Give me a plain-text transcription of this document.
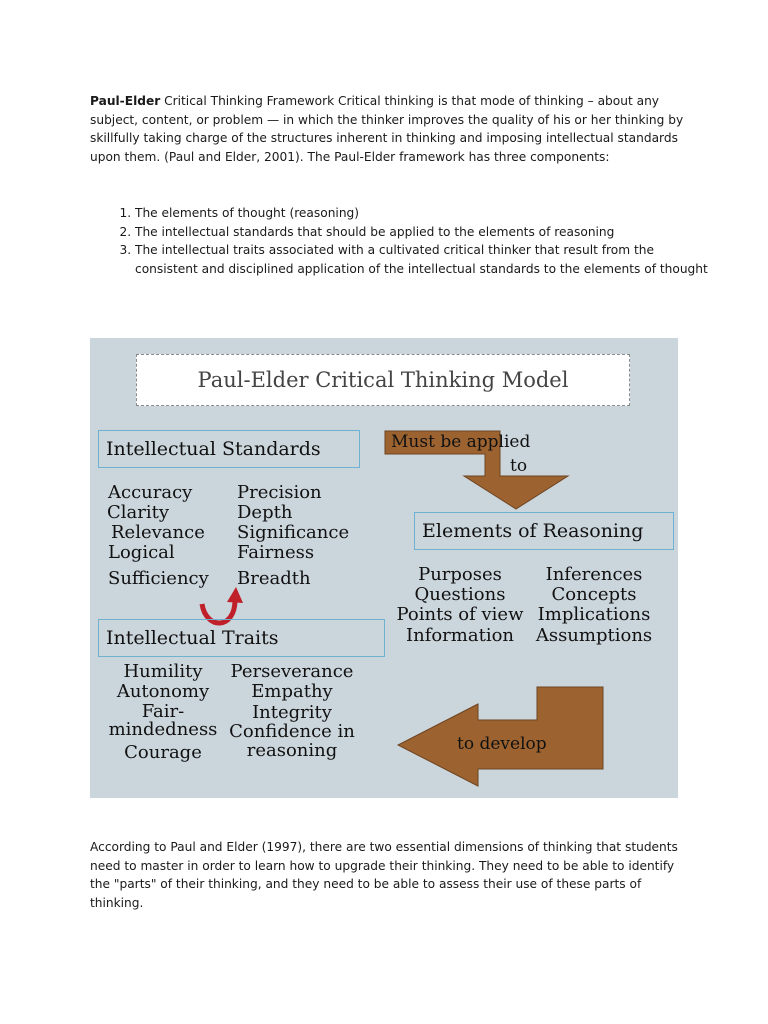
Paul-Elder Critical Thinking Framework Critical thinking is that mode of thinking – about any subject, content, or problem — in which the thinker improves the quality of his or her thinking by skillfully taking charge of the structures inherent in thinking and imposing intellectual standards upon them. (Paul and Elder, 2001). The Paul-Elder framework has three components:

1. The elements of thought (reasoning)
2. The intellectual standards that should be applied to the elements of reasoning
3. The intellectual traits associated with a cultivated critical thinker that result from the consistent and disciplined application of the intellectual standards to the elements of thought
Paul-Elder Critical Thinking Model
Intellectual Standards
Accuracy
Clarity
Relevance
Logical
Sufficiency
Precision
Depth
Significance
Fairness
Breadth
Must be applied
to
Elements of Reasoning
Purposes
Questions
Points of view
Information
Inferences
Concepts
Implications
Assumptions
Intellectual Traits
Humility
Autonomy
Fair-
mindedness
Courage
Perseverance
Empathy
Integrity
Confidence in
reasoning	to develop

According to Paul and Elder (1997), there are two essential dimensions of thinking that students need to master in order to learn how to upgrade their thinking. They need to be able to identify the "parts" of their thinking, and they need to be able to assess their use of these parts of thinking.
